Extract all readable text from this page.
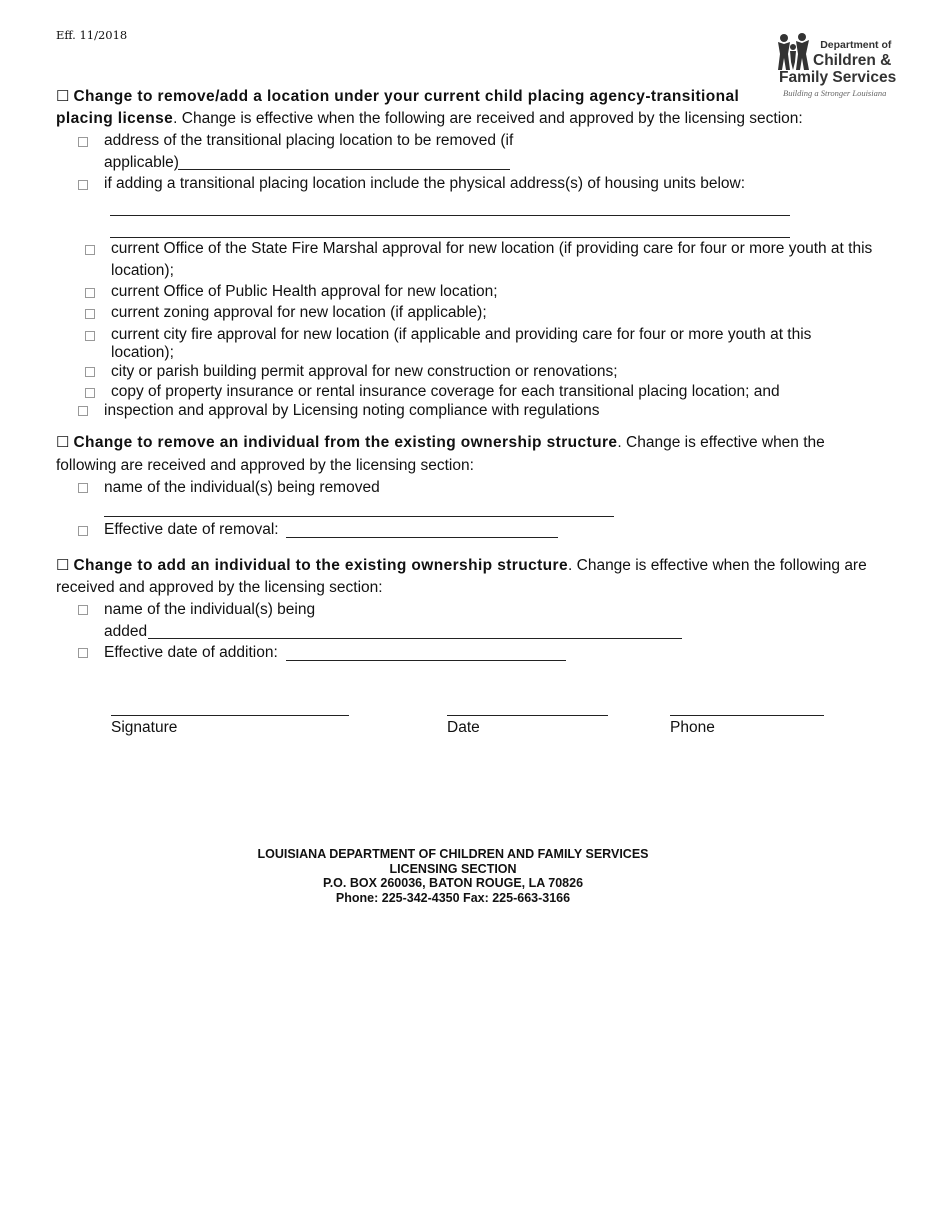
Eff. 11/2018
Department of
Children &
Family Services
Building a Stronger Louisiana
☐ Change to remove/add a location under your current child placing agency-transitional
placing license. Change is effective when the following are received and approved by the licensing section:
address of the transitional placing location to be removed (if
applicable)
if adding a transitional placing location include the physical address(s) of housing units below:
current Office of the State Fire Marshal approval for new location (if providing care for four or more youth at this
location);
current Office of Public Health approval for new location;
current zoning approval for new location (if applicable);
current city fire approval for new location (if applicable and providing care for four or more youth at this
location);
city or parish building permit approval for new construction or renovations;
copy of property insurance or rental insurance coverage for each transitional placing location; and
inspection and approval by Licensing noting compliance with regulations
☐ Change to remove an individual from the existing ownership structure. Change is effective when the
following are received and approved by the licensing section:
name of the individual(s) being removed
Effective date of removal:
☐ Change to add an individual to the existing ownership structure. Change is effective when the following are
received and approved by the licensing section:
name of the individual(s) being
added
Effective date of addition:
Signature	Date	Phone
LOUISIANA DEPARTMENT OF CHILDREN AND FAMILY SERVICES
LICENSING SECTION
P.O. BOX 260036, BATON ROUGE, LA 70826
Phone: 225-342-4350 Fax: 225-663-3166
